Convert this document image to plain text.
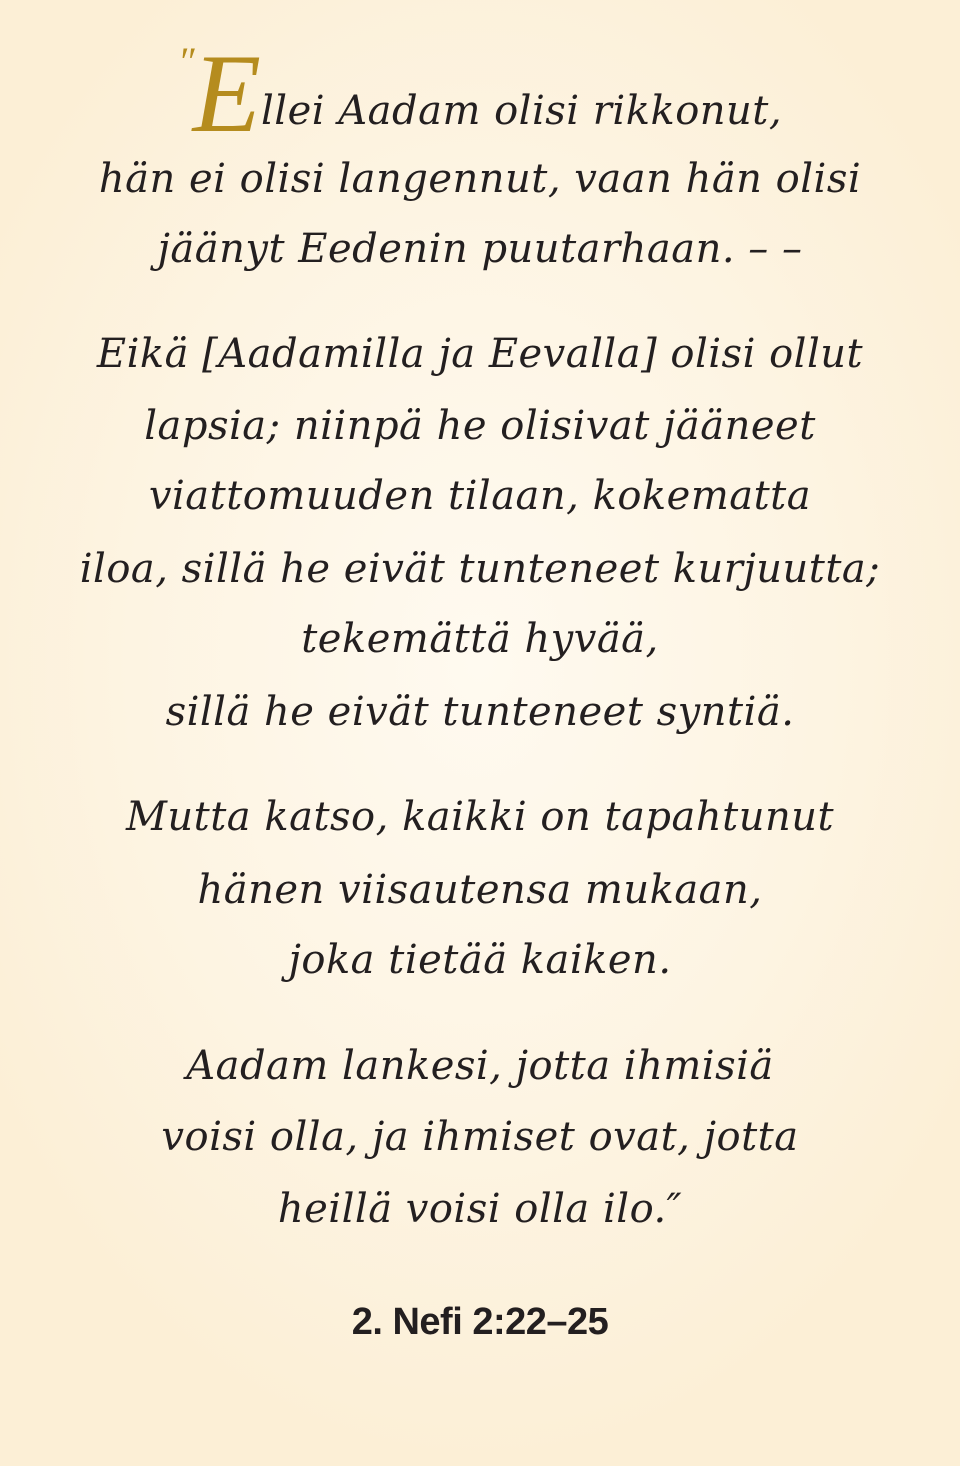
″Ellei Aadam olisi rikkonut,
hän ei olisi langennut, vaan hän olisi
jäänyt Eedenin puutarhaan. – –
Eikä [Aadamilla ja Eevalla] olisi ollut
lapsia; niinpä he olisivat jääneet
viattomuuden tilaan, kokematta
iloa, sillä he eivät tunteneet kurjuutta;
tekemättä hyvää,
sillä he eivät tunteneet syntiä.
Mutta katso, kaikki on tapahtunut
hänen viisautensa mukaan,
joka tietää kaiken.
Aadam lankesi, jotta ihmisiä
voisi olla, ja ihmiset ovat, jotta
heillä voisi olla ilo.″
2. Nefi 2:22–25
